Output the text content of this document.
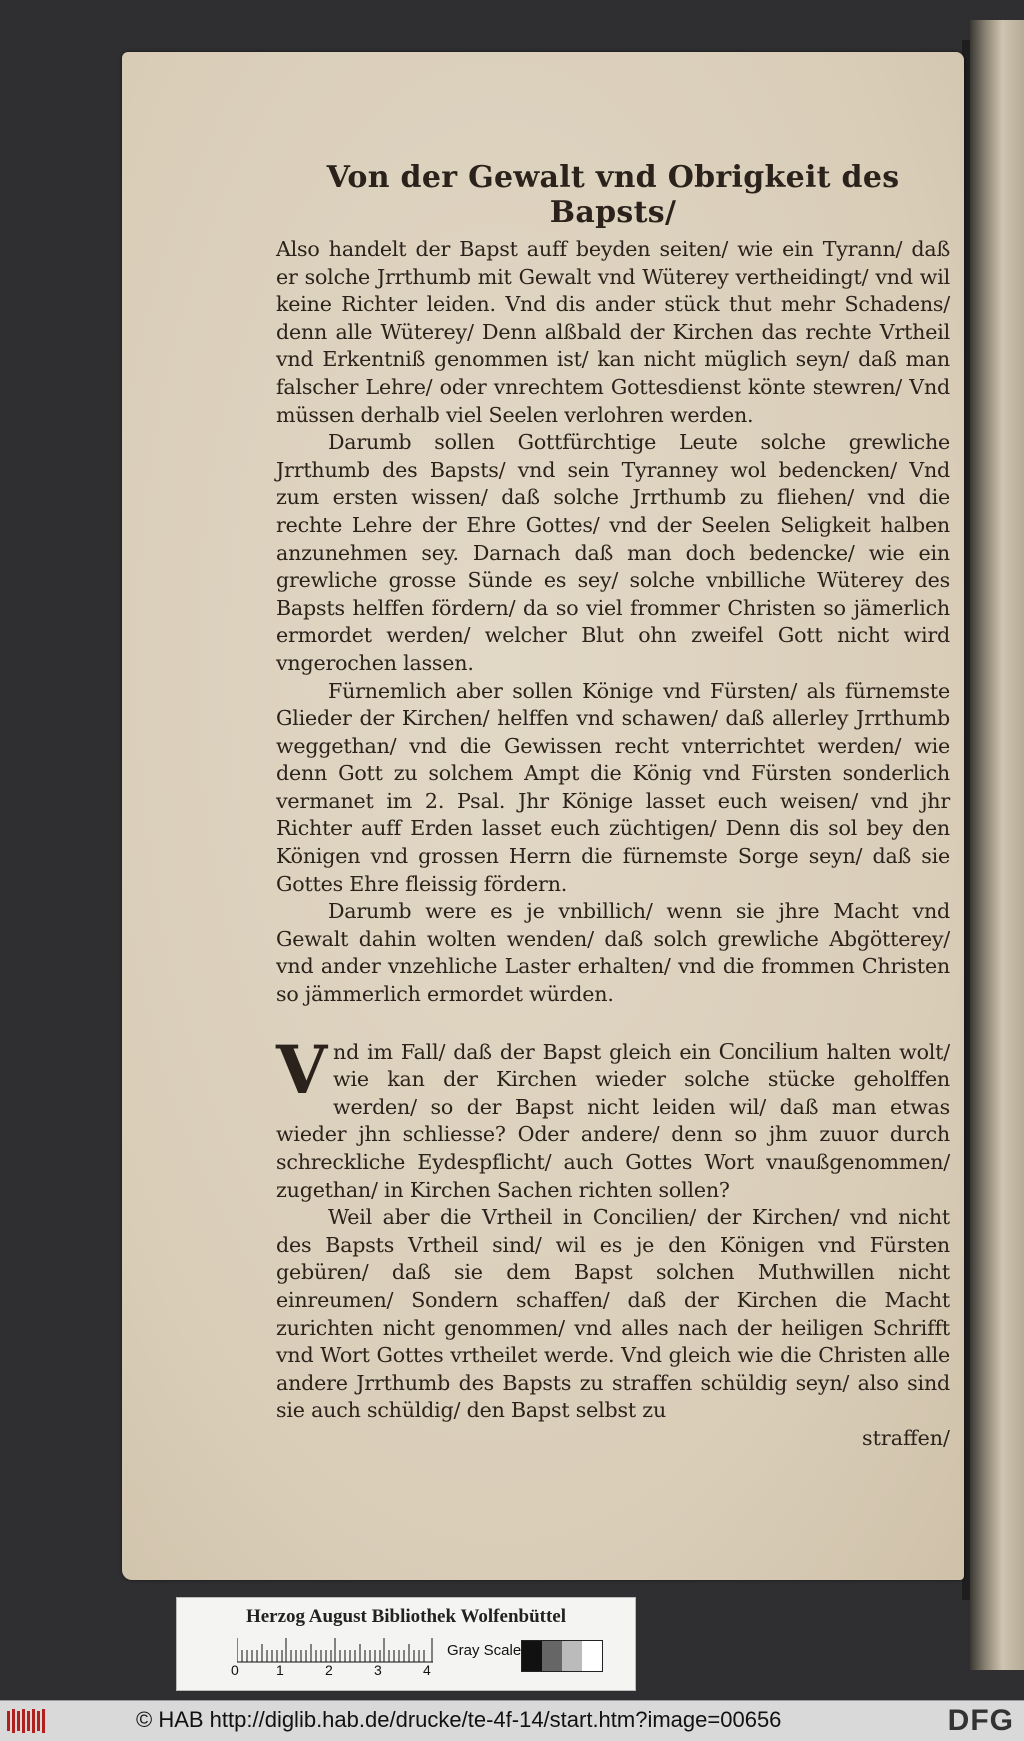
Von der Gewalt vnd Obrigkeit des Bapsts/

Also handelt der Bapst auff beyden seiten/ wie ein Tyrann/ daß er solche Jrrthumb mit Gewalt vnd Wüterey vertheidingt/ vnd wil keine Richter leiden. Vnd dis ander stück thut mehr Schadens/ denn alle Wüterey/ Denn alßbald der Kirchen das rechte Vrtheil vnd Erkentniß genommen ist/ kan nicht müglich seyn/ daß man falscher Lehre/ oder vnrechtem Gottesdienst könte stewren/ Vnd müssen derhalb viel Seelen verlohren werden.

Darumb sollen Gottfürchtige Leute solche grewliche Jrrthumb des Bapsts/ vnd sein Tyranney wol bedencken/ Vnd zum ersten wissen/ daß solche Jrrthumb zu fliehen/ vnd die rechte Lehre der Ehre Gottes/ vnd der Seelen Seligkeit halben anzunehmen sey. Darnach daß man doch bedencke/ wie ein grewliche grosse Sünde es sey/ solche vnbilliche Wüterey des Bapsts helffen fördern/ da so viel frommer Christen so jämerlich ermordet werden/ welcher Blut ohn zweifel Gott nicht wird vngerochen lassen.

Fürnemlich aber sollen Könige vnd Fürsten/ als fürnemste Glieder der Kirchen/ helffen vnd schawen/ daß allerley Jrrthumb weggethan/ vnd die Gewissen recht vnterrichtet werden/ wie denn Gott zu solchem Ampt die König vnd Fürsten sonderlich vermanet im 2. Psal. Jhr Könige lasset euch weisen/ vnd jhr Richter auff Erden lasset euch züchtigen/ Denn dis sol bey den Königen vnd grossen Herrn die fürnemste Sorge seyn/ daß sie Gottes Ehre fleissig fördern.

Darumb were es je vnbillich/ wenn sie jhre Macht vnd Gewalt dahin wolten wenden/ daß solch grewliche Abgötterey/ vnd ander vnzehliche Laster erhalten/ vnd die frommen Christen so jämmerlich ermordet würden.

Vnd im Fall/ daß der Bapst gleich ein Concilium halten wolt/ wie kan der Kirchen wieder solche stücke geholffen werden/ so der Bapst nicht leiden wil/ daß man etwas wieder jhn schliesse? Oder andere/ denn so jhm zuuor durch schreckliche Eydespflicht/ auch Gottes Wort vnaußgenommen/ zugethan/ in Kirchen Sachen richten sollen?

Weil aber die Vrtheil in Concilien/ der Kirchen/ vnd nicht des Bapsts Vrtheil sind/ wil es je den Königen vnd Fürsten gebüren/ daß sie dem Bapst solchen Muthwillen nicht einreumen/ Sondern schaffen/ daß der Kirchen die Macht zurichten nicht genommen/ vnd alles nach der heiligen Schrifft vnd Wort Gottes vrtheilet werde. Vnd gleich wie die Christen alle andere Jrrthumb des Bapsts zu straffen schüldig seyn/ also sind sie auch schüldig/ den Bapst selbst zu

straffen/

Herzog August Bibliothek Wolfenbüttel
0	1	2	3	4
Gray Scale
© HAB http://diglib.hab.de/drucke/te-4f-14/start.htm?image=00656	DFG
